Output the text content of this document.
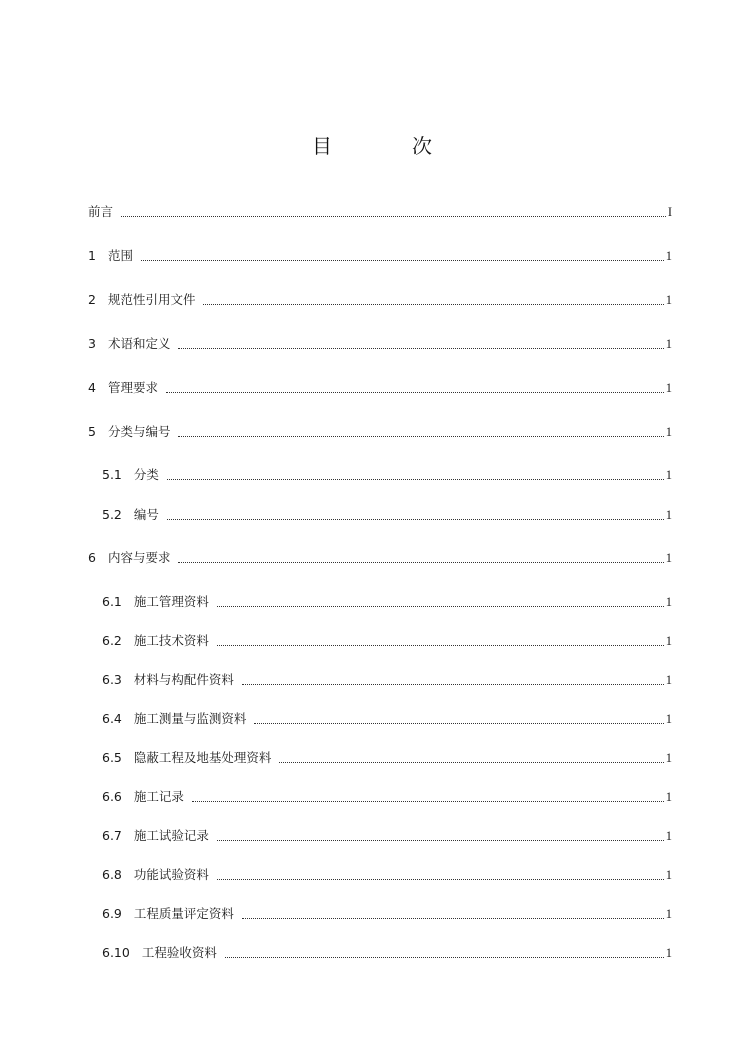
目　次
前言	I
1 范围	1
2 规范性引用文件	1
3 术语和定义	1
4 管理要求	1
5 分类与编号	1
5.1 分类	1
5.2 编号	1
6 内容与要求	1
6.1 施工管理资料	1
6.2 施工技术资料	1
6.3 材料与构配件资料	1
6.4 施工测量与监测资料	1
6.5 隐蔽工程及地基处理资料	1
6.6 施工记录	1
6.7 施工试验记录	1
6.8 功能试验资料	1
6.9 工程质量评定资料	1
6.10 工程验收资料	1
